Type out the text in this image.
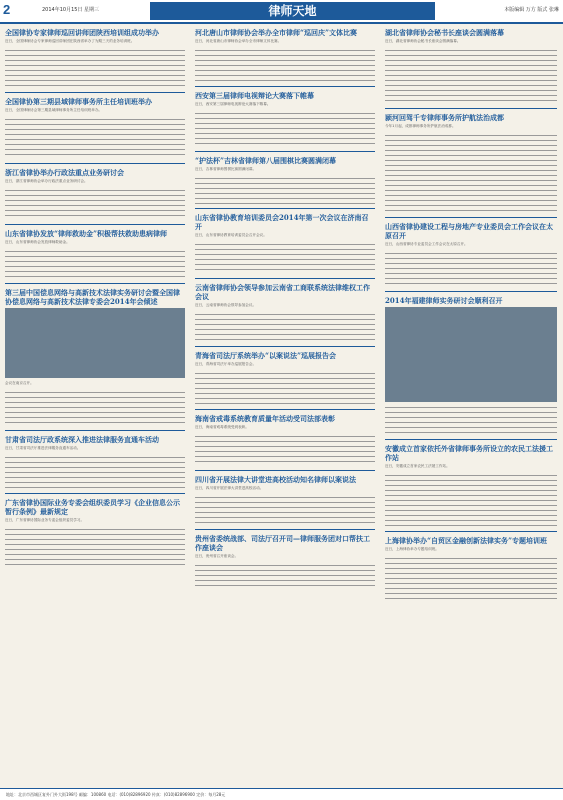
2	2014年10月15日 星期三	律师天地	本版编辑 万方 版式 张琳
全国律协专家律师巡回讲师团陕西培训组成功举办
近日，全国律师协会专家律师巡回讲师团在陕西省举办了为期三天的业务培训班。
全国律协第三期县域律师事务所主任培训班举办
近日，全国律师协会第三期县域律师事务所主任培训班举办。
浙江省律协举办行政法重点业务研讨会
近日，浙江省律师协会举办行政法重点业务研讨会。
山东省律协发放“律师救助金”积极帮扶救助患病律师
近日，山东省律师协会发放律师救助金。
第三届中国偿息网络与高新技术法律实务研讨会暨全国律协偿息网络与高新技术法律专委会2014年会倾述
会议在南京召开。
甘肃省司法厅政系统深入推进法律服务直通车活动
近日，甘肃省司法厅推进法律服务直通车活动。
广东省律协国际业务专委会组织委员学习《企业信息公示暂行条例》最新规定
近日，广东省律协国际业务专委会组织委员学习。
河北唐山市律师协会举办全市律师“巡回庆”文体比赛
近日，河北省唐山市律师协会举办全市律师文体比赛。
西安第三届律师电视辩论大赛落下帷幕
近日，西安第三届律师电视辩论大赛落下帷幕。
“护法杯”吉林省律师第八届围棋比赛圆满闭幕
近日，吉林省律师围棋比赛圆满闭幕。
山东省律协教育培训委员会2014年第一次会议在济南召开
近日，山东省律协教育培训委员会召开会议。
云南省律师协会领导参加云南省工商联系统法律维权工作会议
近日，云南省律师协会领导参加会议。
青海省司法厅系统举办“以案说法”巡展报告会
近日，青海省司法厅举办巡展报告会。
海南省戒毒系统教育质量年活动受司法部表彰
近日，海南省戒毒系统受到表彰。
四川省开展法律大讲堂进高校活动知名律师以案说法
近日，四川省开展法律大讲堂进高校活动。
贵州省委统战部、司法厅召开司—律师服务团对口帮扶工作座谈会
近日，贵州省召开座谈会。
湖北省律师协会秘书长座谈会圆满落幕
近日，湖北省律师协会秘书长座谈会圆满落幕。
颍河回驾千专律师事务所护航法治成都
今年1月起，成都律师事务所护航法治成都。
山西省律协建设工程与房地产专业委员会工作会议在太原召开
近日，山西省律协专业委员会工作会议在太原召开。
2014年福建律师实务研讨会顺利召开
安徽成立首家依托外省律师事务所设立的农民工法援工作站
近日，安徽成立首家农民工法援工作站。
上海律协举办“自贸区金融创新法律实务”专题培训班
近日，上海律协举办专题培训班。
地址：北京市西城区复外门外大街198号 邮编：100860 电话：(010)82896920 传真：(010)82896900 定价：每月28元
